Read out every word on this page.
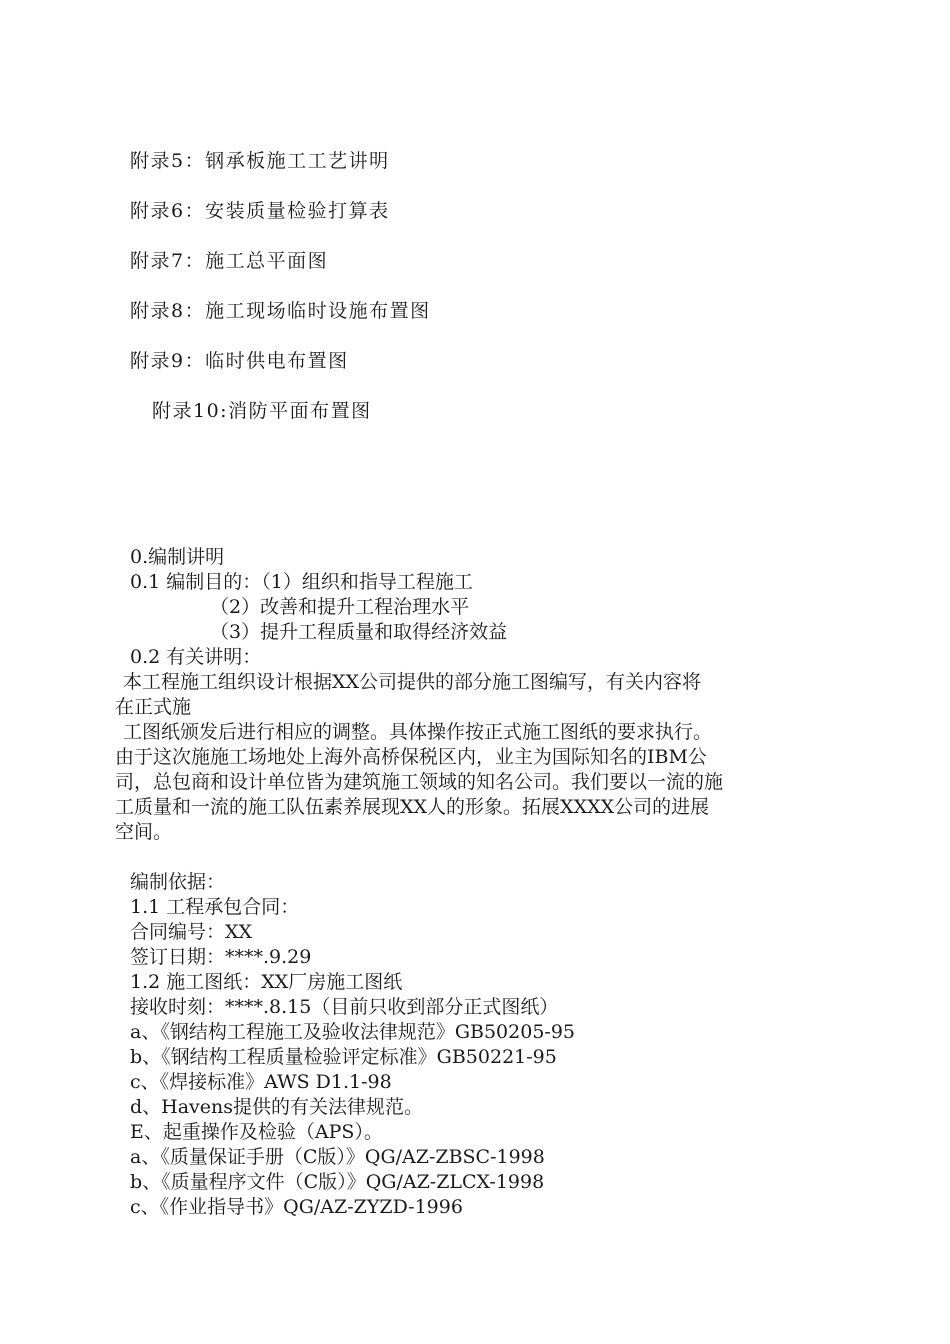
附录5：钢承板施工工艺讲明
附录6：安装质量检验打算表
附录7：施工总平面图
附录8：施工现场临时设施布置图
附录9：临时供电布置图
附录10:消防平面布置图
0.编制讲明
0.1 编制目的：（1）组织和指导工程施工
（2）改善和提升工程治理水平
（3）提升工程质量和取得经济效益
0.2 有关讲明：
本工程施工组织设计根据XX公司提供的部分施工图编写，有关内容将
在正式施
工图纸颁发后进行相应的调整。具体操作按正式施工图纸的要求执行。
由于这次施施工场地处上海外高桥保税区内，业主为国际知名的IBM公
司，总包商和设计单位皆为建筑施工领域的知名公司。我们要以一流的施
工质量和一流的施工队伍素养展现XX人的形象。拓展XXXX公司的进展
空间。
编制依据：
1.1 工程承包合同：
合同编号：XX
签订日期：****.9.29
1.2 施工图纸：XX厂房施工图纸
接收时刻：****.8.15（目前只收到部分正式图纸）
a、《钢结构工程施工及验收法律规范》GB50205-95
b、《钢结构工程质量检验评定标准》GB50221-95
c、《焊接标准》AWS D1.1-98
d、Havens提供的有关法律规范。
E、起重操作及检验（APS）。
a、《质量保证手册（C版）》QG/AZ-ZBSC-1998
b、《质量程序文件（C版）》QG/AZ-ZLCX-1998
c、《作业指导书》QG/AZ-ZYZD-1996
